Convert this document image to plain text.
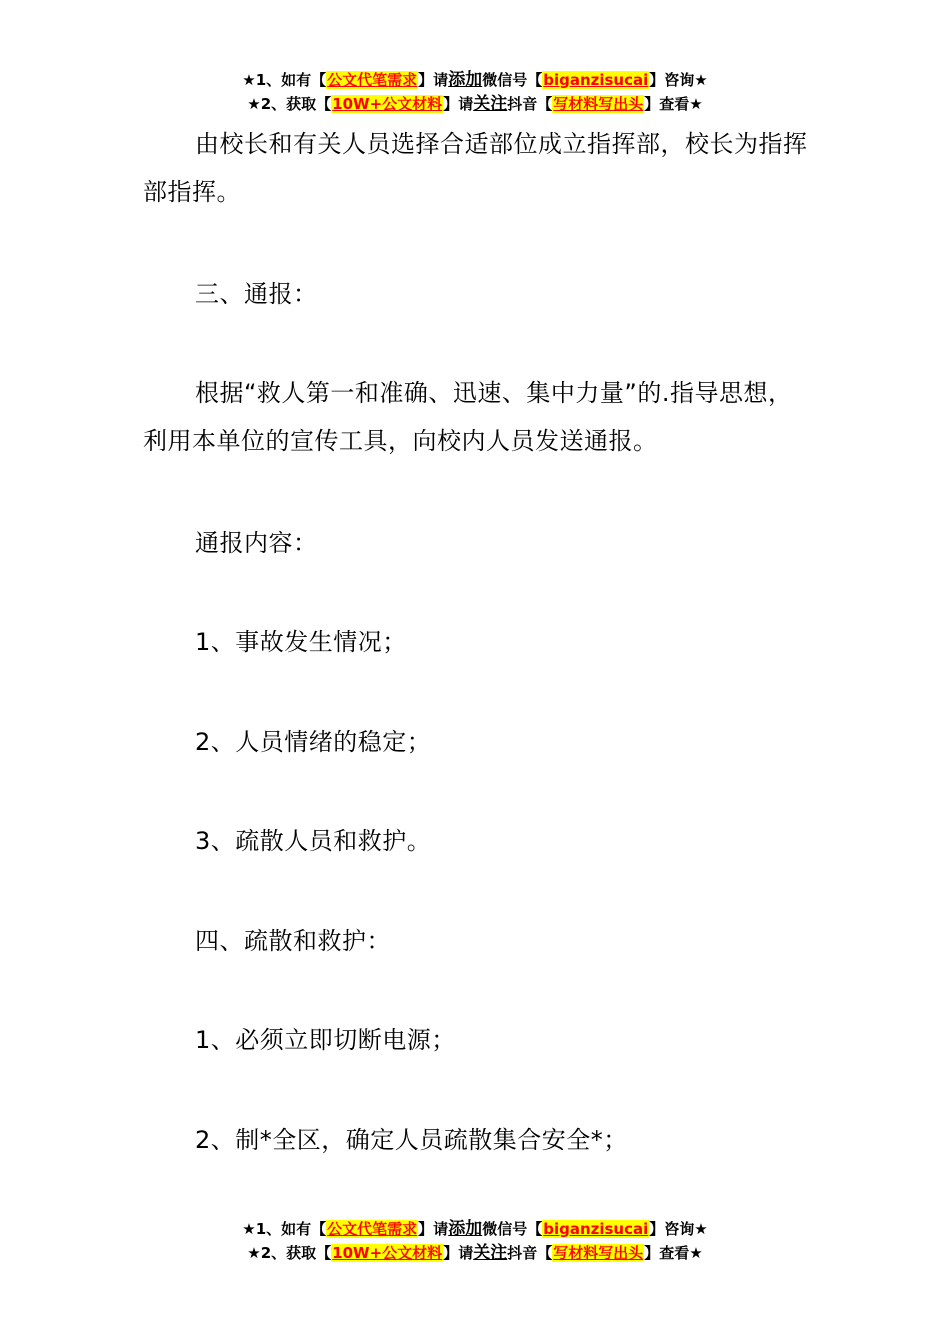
★1、如有【公文代笔需求】请添加微信号【biganzisucai】咨询★
★2、获取【10W+公文材料】请关注抖音【写材料写出头】查看★

由校长和有关人员选择合适部位成立指挥部，校长为指挥部指挥。

三、通报：

根据“救人第一和准确、迅速、集中力量”的.指导思想，利用本单位的宣传工具，向校内人员发送通报。

通报内容：

1、事故发生情况；

2、人员情绪的稳定；

3、疏散人员和救护。

四、疏散和救护：

1、必须立即切断电源；

2、制*全区，确定人员疏散集合安全*；

★1、如有【公文代笔需求】请添加微信号【biganzisucai】咨询★
★2、获取【10W+公文材料】请关注抖音【写材料写出头】查看★
